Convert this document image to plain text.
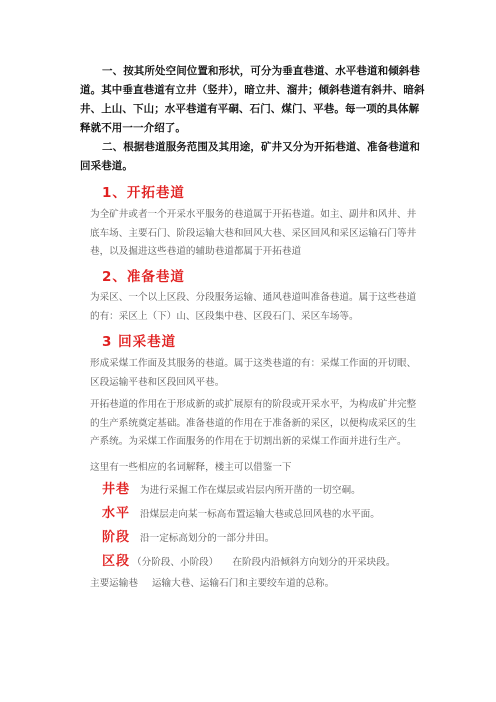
一、按其所处空间位置和形状，可分为垂直巷道、水平巷道和倾斜巷道。其中垂直巷道有立井（竖井），暗立井、溜井；倾斜巷道有斜井、暗斜井、上山、下山；水平巷道有平硐、石门、煤门、平巷。每一项的具体解释就不用一一介绍了。
二、根据巷道服务范围及其用途，矿井又分为开拓巷道、准备巷道和回采巷道。
1、开拓巷道
为全矿井或者一个开采水平服务的巷道属于开拓巷道。如主、副井和风井、井底车场、主要石门、阶段运输大巷和回风大巷、采区回风和采区运输石门等井巷，以及掘进这些巷道的辅助巷道都属于开拓巷道
2、准备巷道
为采区、一个以上区段、分段服务运输、通风巷道叫准备巷道。属于这些巷道的有：采区上（下）山、区段集中巷、区段石门、采区车场等。
3 回采巷道
形成采煤工作面及其服务的巷道。属于这类巷道的有：采煤工作面的开切眼、区段运输平巷和区段回风平巷。
开拓巷道的作用在于形成新的或扩展原有的阶段或开采水平，为构成矿井完整的生产系统奠定基础。准备巷道的作用在于准备新的采区，以便构成采区的生产系统。为采煤工作面服务的作用在于切割出新的采煤工作面并进行生产。
这里有一些相应的名词解释，楼主可以借鉴一下
井巷 为进行采掘工作在煤层或岩层内所开凿的一切空硐。
水平 沿煤层走向某一标高布置运输大巷或总回风巷的水平面。
阶段 沿一定标高划分的一部分井田。
区段 （分阶段、小阶段） 在阶段内沿倾斜方向划分的开采块段。
主要运输巷 运输大巷、运输石门和主要绞车道的总称。
